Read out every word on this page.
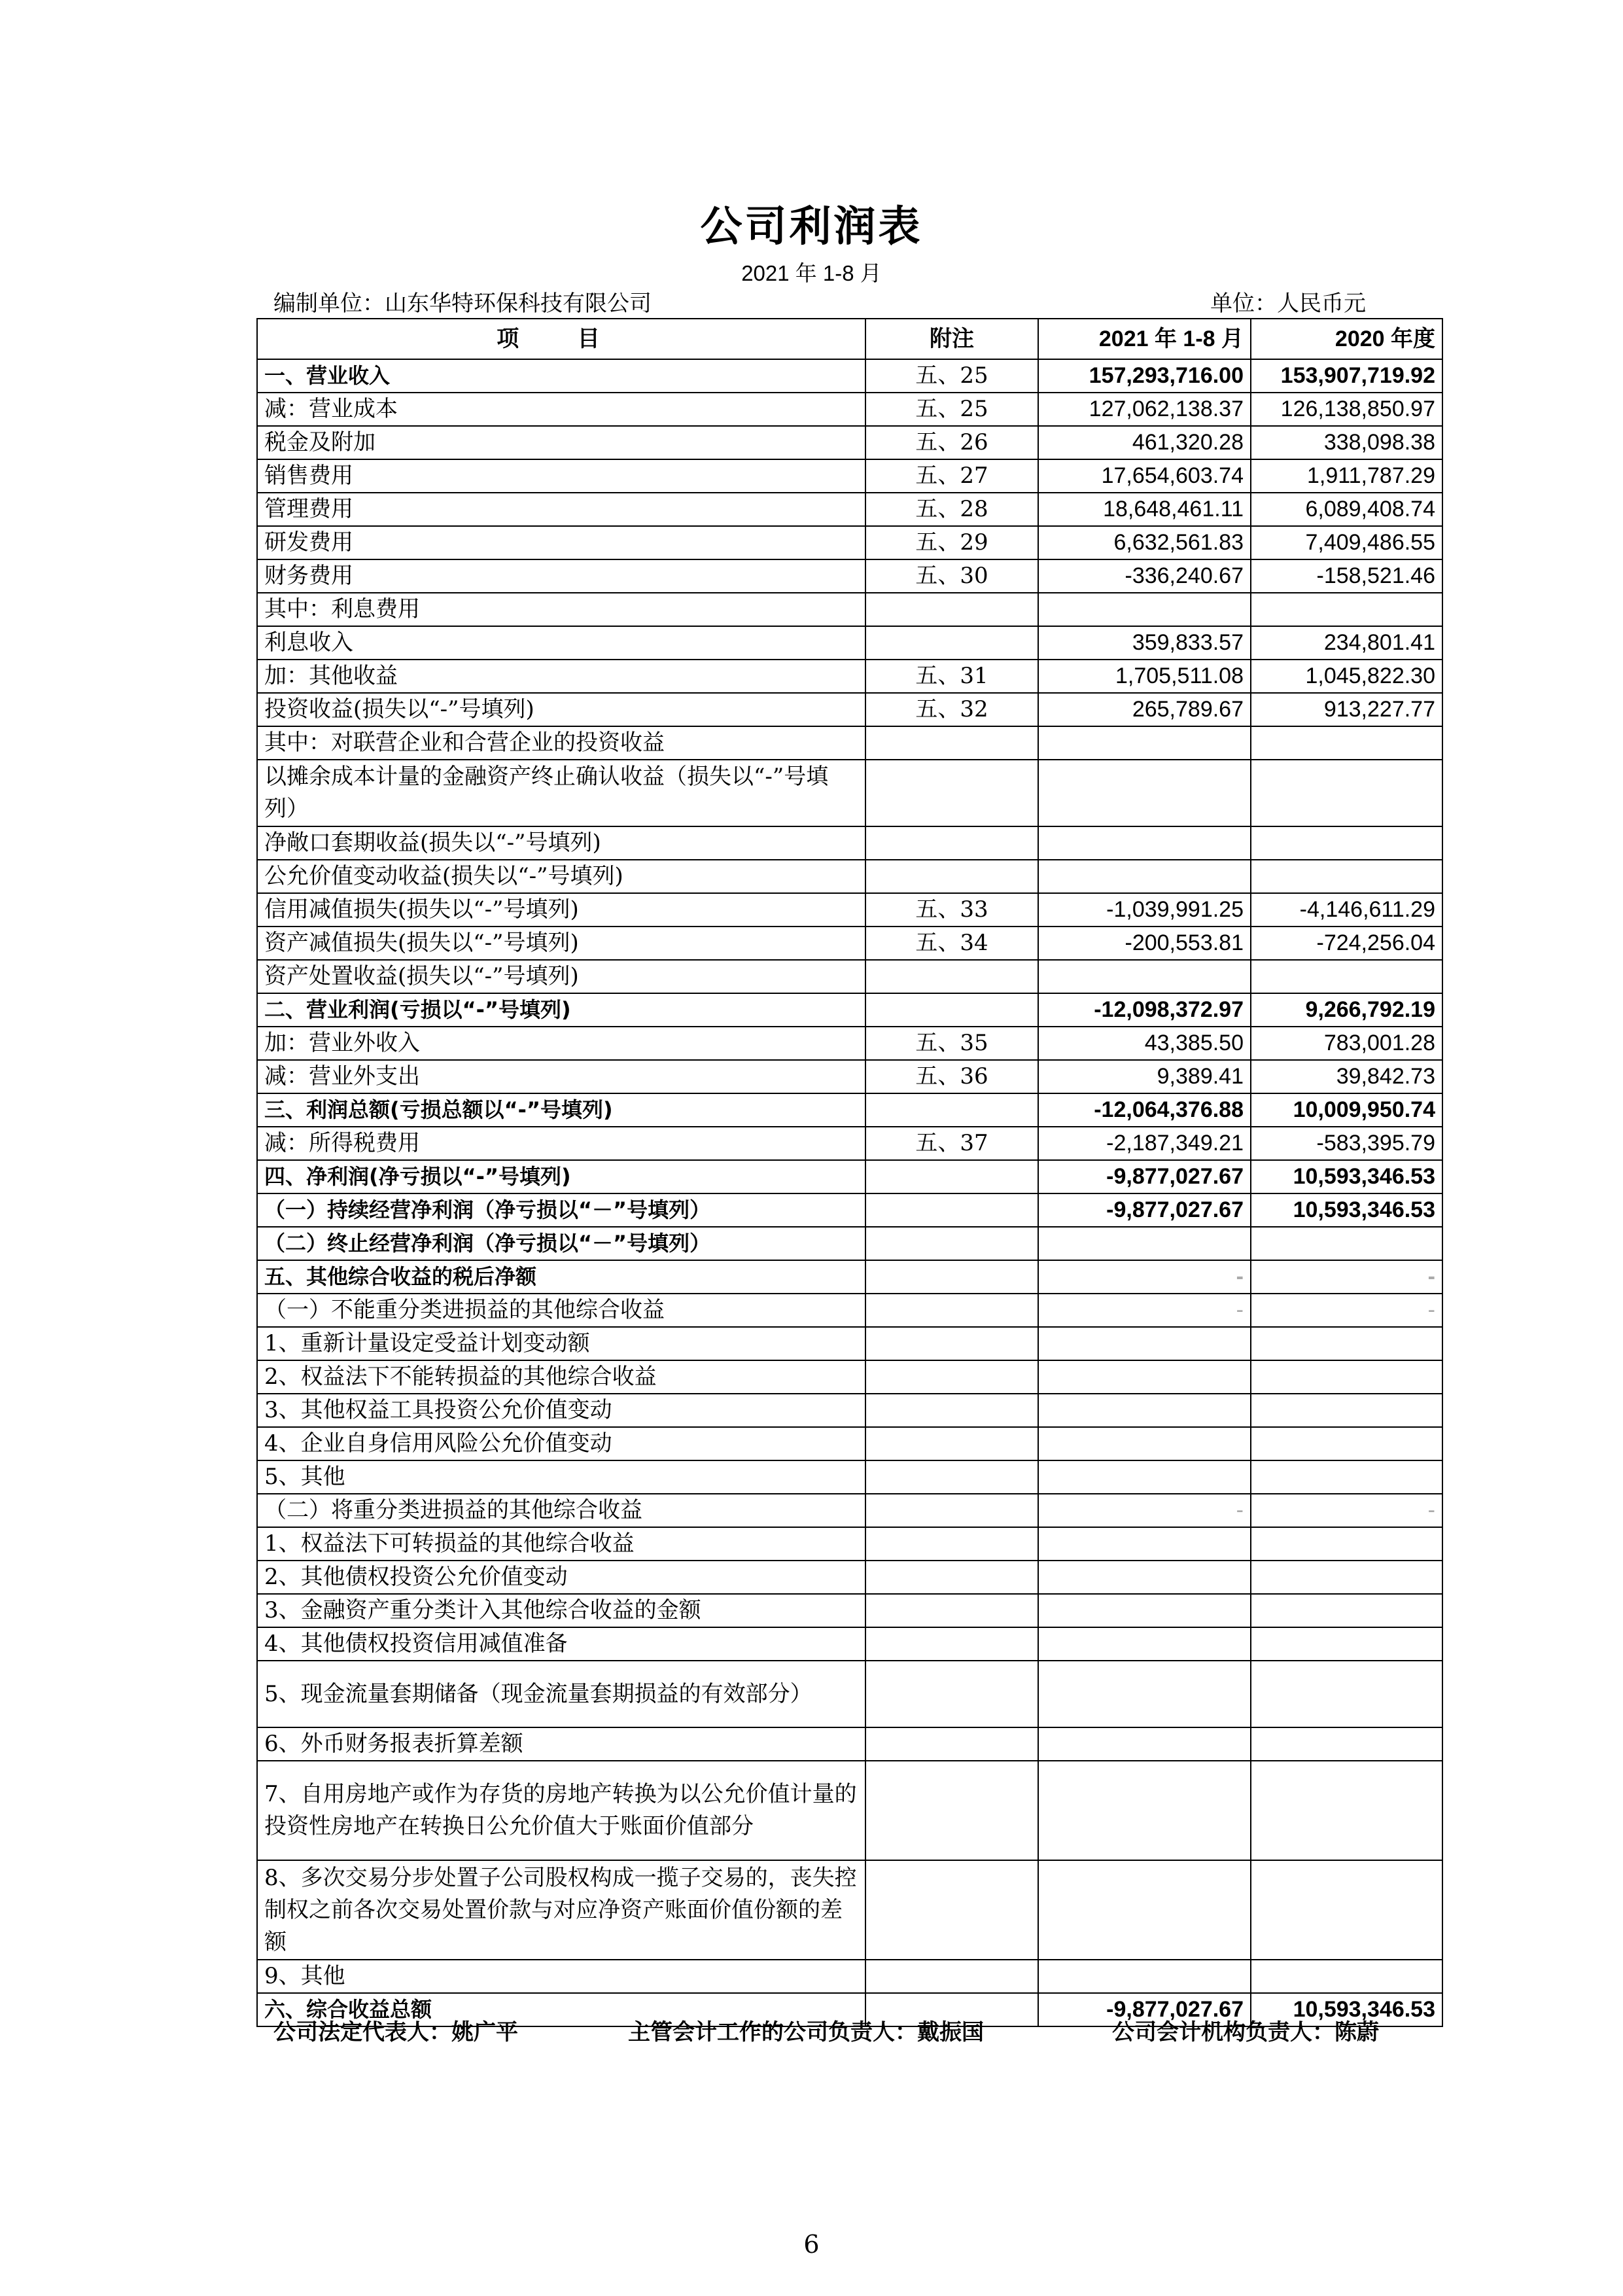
公司利润表
2021 年 1-8 月
编制单位：山东华特环保科技有限公司	单位：人民币元
项 目	附注	2021 年 1-8 月	2020 年度
一、营业收入	五、25	157,293,716.00	153,907,719.92
减：营业成本	五、25	127,062,138.37	126,138,850.97
税金及附加	五、26	461,320.28	338,098.38
销售费用	五、27	17,654,603.74	1,911,787.29
管理费用	五、28	18,648,461.11	6,089,408.74
研发费用	五、29	6,632,561.83	7,409,486.55
财务费用	五、30	-336,240.67	-158,521.46
其中：利息费用			
利息收入		359,833.57	234,801.41
加：其他收益	五、31	1,705,511.08	1,045,822.30
投资收益(损失以“-”号填列)	五、32	265,789.67	913,227.77
其中：对联营企业和合营企业的投资收益			
以摊余成本计量的金融资产终止确认收益（损失以“-”号填列）			
净敞口套期收益(损失以“-”号填列)			
公允价值变动收益(损失以“-”号填列)			
信用减值损失(损失以“-”号填列)	五、33	-1,039,991.25	-4,146,611.29
资产减值损失(损失以“-”号填列)	五、34	-200,553.81	-724,256.04
资产处置收益(损失以“-”号填列)			
二、营业利润(亏损以“-”号填列)		-12,098,372.97	9,266,792.19
加：营业外收入	五、35	43,385.50	783,001.28
减：营业外支出	五、36	9,389.41	39,842.73
三、利润总额(亏损总额以“-”号填列)		-12,064,376.88	10,009,950.74
减：所得税费用	五、37	-2,187,349.21	-583,395.79
四、净利润(净亏损以“-”号填列)		-9,877,027.67	10,593,346.53
（一）持续经营净利润（净亏损以“－”号填列）		-9,877,027.67	10,593,346.53
（二）终止经营净利润（净亏损以“－”号填列）			
五、其他综合收益的税后净额		-	-
（一）不能重分类进损益的其他综合收益		-	-
1、重新计量设定受益计划变动额			
2、权益法下不能转损益的其他综合收益			
3、其他权益工具投资公允价值变动			
4、企业自身信用风险公允价值变动			
5、其他			
（二）将重分类进损益的其他综合收益		-	-
1、权益法下可转损益的其他综合收益			
2、其他债权投资公允价值变动			
3、金融资产重分类计入其他综合收益的金额			
4、其他债权投资信用减值准备			
5、现金流量套期储备（现金流量套期损益的有效部分）			
6、外币财务报表折算差额			
7、自用房地产或作为存货的房地产转换为以公允价值计量的投资性房地产在转换日公允价值大于账面价值部分			
8、多次交易分步处置子公司股权构成一揽子交易的，丧失控制权之前各次交易处置价款与对应净资产账面价值份额的差额			
9、其他			
六、综合收益总额		-9,877,027.67	10,593,346.53
公司法定代表人：姚广平	主管会计工作的公司负责人：戴振国	公司会计机构负责人：陈蔚
6
